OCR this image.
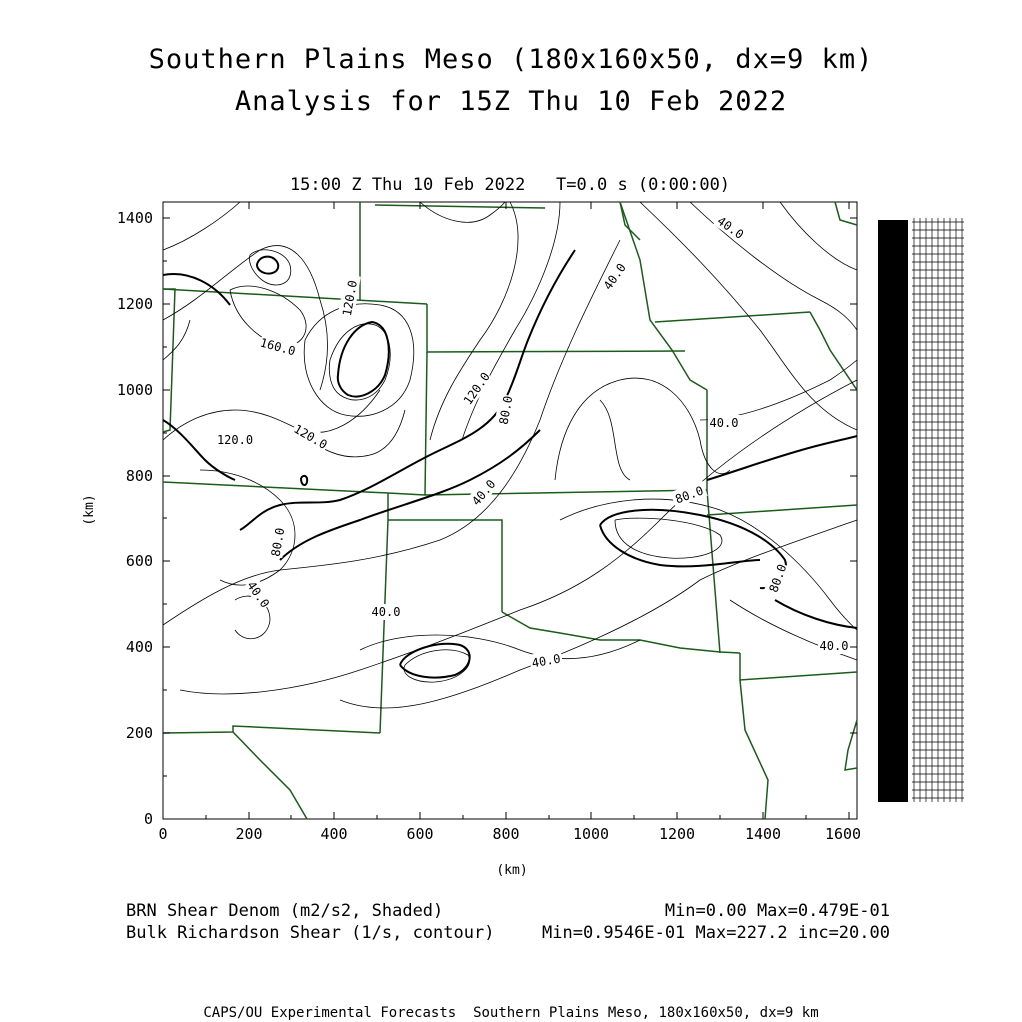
Southern Plains Meso (180x160x50, dx=9 km)
Analysis for 15Z Thu 10 Feb 2022
15:00 Z Thu 10 Feb 2022   T=0.0 s (0:00:00)
40.0
40.0
40.0
40.0
40.0
40.0
40.0
40.0
80.0
80.0
80.0
80.0
120.0
120.0
120.0	120.0
160.0
0	200	400	600	800	1000	1200	1400	1600
0
200
400
600
800
1000
1200
1400
(km)
(km)
BRN Shear Denom (m2/s2, Shaded)
Bulk Richardson Shear (1/s, contour)
Min=0.00 Max=0.479E-01
Min=0.9546E-01 Max=227.2 inc=20.00
CAPS/OU Experimental Forecasts  Southern Plains Meso, 180x160x50, dx=9 km
